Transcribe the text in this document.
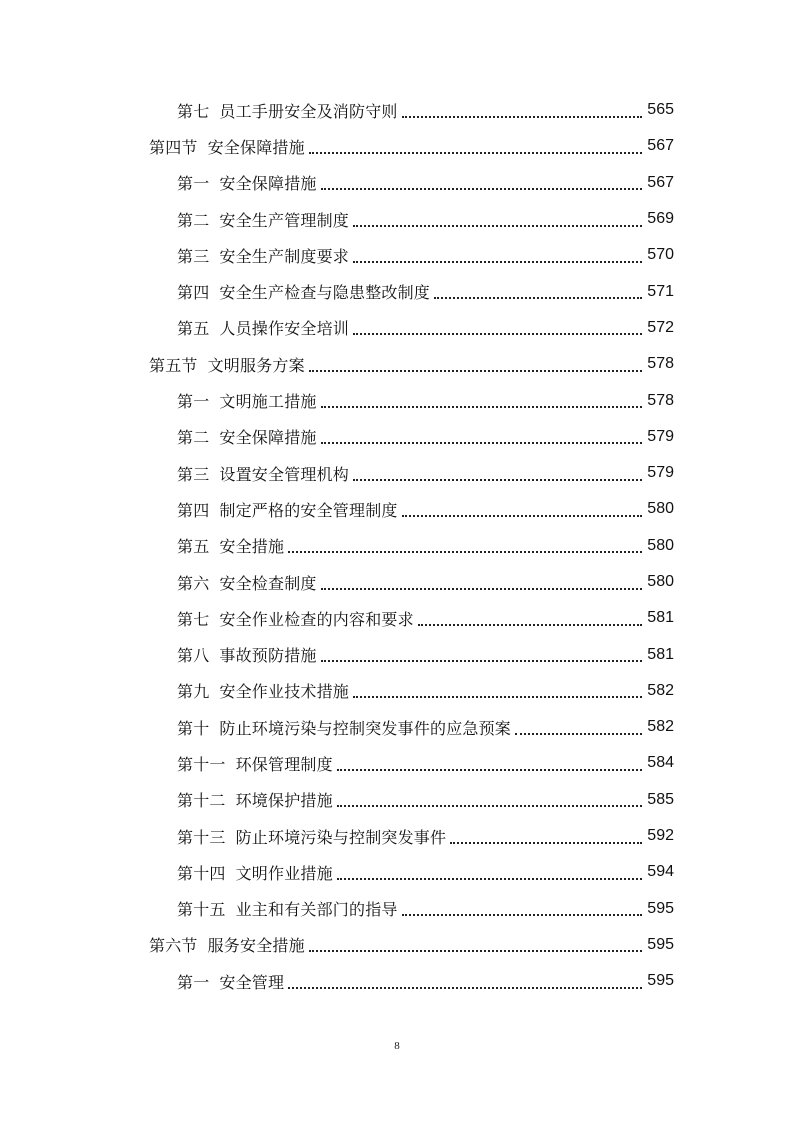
第七 员工手册安全及消防守则	565
第四节 安全保障措施	567
第一 安全保障措施	567
第二 安全生产管理制度	569
第三 安全生产制度要求	570
第四 安全生产检查与隐患整改制度	571
第五 人员操作安全培训	572
第五节 文明服务方案	578
第一 文明施工措施	578
第二 安全保障措施	579
第三 设置安全管理机构	579
第四 制定严格的安全管理制度	580
第五 安全措施	580
第六 安全检查制度	580
第七 安全作业检查的内容和要求	581
第八 事故预防措施	581
第九 安全作业技术措施	582
第十 防止环境污染与控制突发事件的应急预案	582
第十一 环保管理制度	584
第十二 环境保护措施	585
第十三 防止环境污染与控制突发事件	592
第十四 文明作业措施	594
第十五 业主和有关部门的指导	595
第六节 服务安全措施	595
第一 安全管理	595
8
